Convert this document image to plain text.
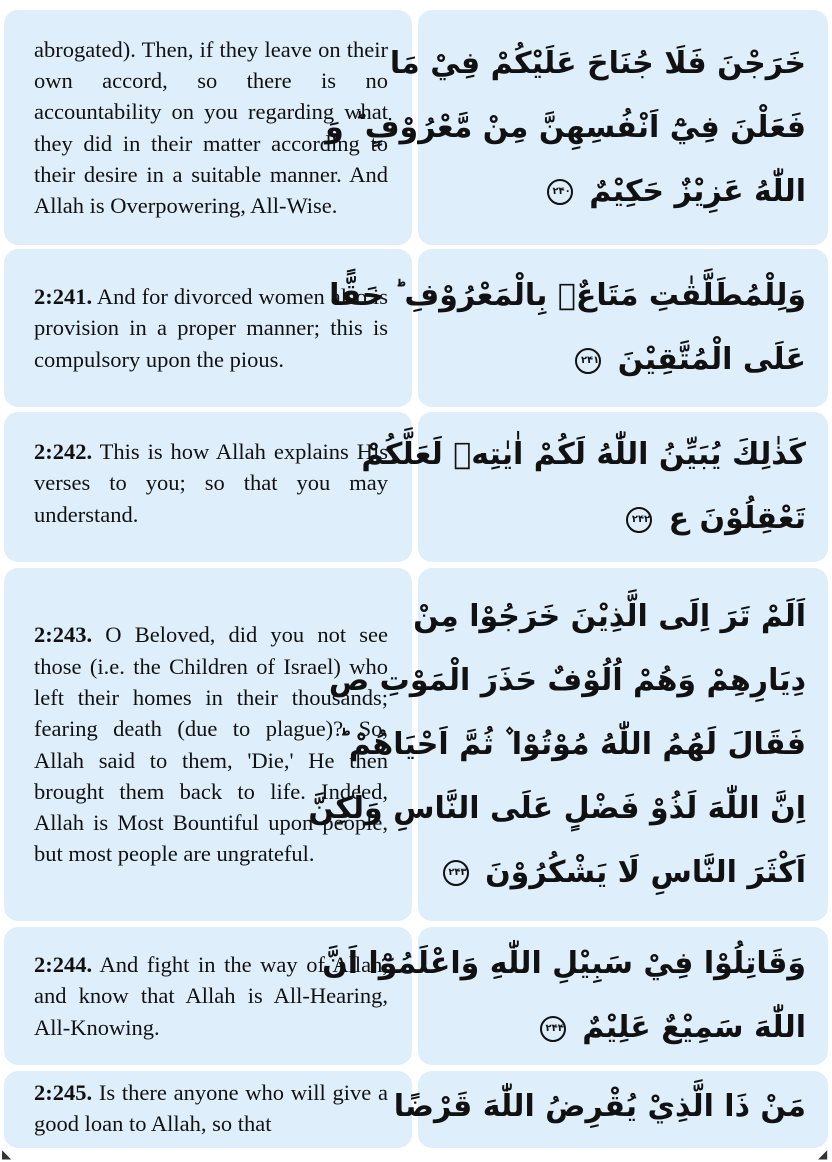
abrogated). Then, if they leave on their own accord, so there is no accountability on you regarding what they did in their matter according to their desire in a suitable manner. And Allah is Overpowering, All-Wise.
خَرَجْنَ فَلَا جُنَاحَ عَلَيْكُمْ فِيْ مَا
فَعَلْنَ فِيْٓ اَنْفُسِهِنَّ مِنْ مَّعْرُوْفٍ ؕ وَ
اللّٰهُ عَزِيْزٌ حَكِيْمٌ ۲۴۰
2:241. And for divorced women also is provision in a proper manner; this is compulsory upon the pious.
وَلِلْمُطَلَّقٰتِ مَتَاعٌۢ بِالْمَعْرُوْفِ ؕ حَقًّا
عَلَى الْمُتَّقِيْنَ ۲۴۱
2:242. This is how Allah explains His verses to you; so that you may understand.
كَذٰلِكَ يُبَيِّنُ اللّٰهُ لَكُمْ اٰيٰتِهٖ لَعَلَّكُمْ
تَعْقِلُوْنَ ع ۲۴۲
2:243. O Beloved, did you not see those (i.e. the Children of Israel) who left their homes in their thousands; fearing death (due to plague)? So, Allah said to them, 'Die,' He then brought them back to life. Indeed, Allah is Most Bountiful upon people, but most people are ungrateful.
اَلَمْ تَرَ اِلَى الَّذِيْنَ خَرَجُوْا مِنْ
دِيَارِهِمْ وَهُمْ اُلُوْفٌ حَذَرَ الْمَوْتِ ص
فَقَالَ لَهُمُ اللّٰهُ مُوْتُوْا ۫ ثُمَّ اَحْيَاهُمْ ؕ
اِنَّ اللّٰهَ لَذُوْ فَضْلٍ عَلَى النَّاسِ وَلٰكِنَّ
اَكْثَرَ النَّاسِ لَا يَشْكُرُوْنَ ۲۴۳
2:244. And fight in the way of Allah, and know that Allah is All-Hearing, All-Knowing.
وَقَاتِلُوْا فِيْ سَبِيْلِ اللّٰهِ وَاعْلَمُوْٓا اَنَّ
اللّٰهَ سَمِيْعٌ عَلِيْمٌ ۲۴۴
2:245. Is there anyone who will give a good loan to Allah, so that	مَنْ ذَا الَّذِيْ يُقْرِضُ اللّٰهَ قَرْضًا
◣	◢
